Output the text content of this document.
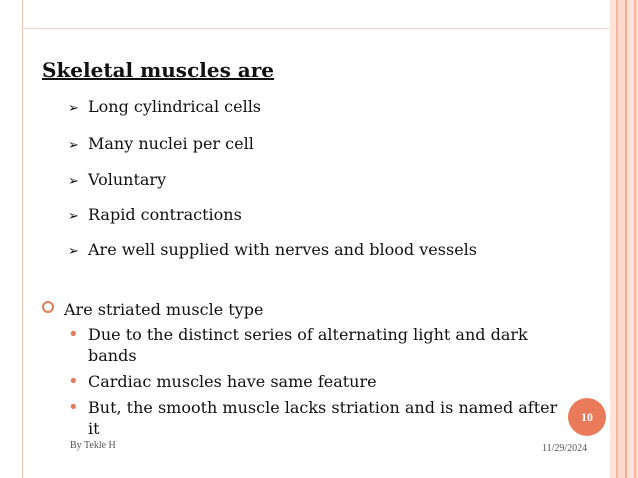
Skeletal muscles are
➢ Long cylindrical cells
➢ Many nuclei per cell
➢ Voluntary
➢ Rapid contractions
➢ Are well supplied with nerves and blood vessels
Are striated muscle type
• Due to the distinct series of alternating light and dark bands
• Cardiac muscles have same feature
• But, the smooth muscle lacks striation and is named after it
By Tekle H	11/29/2024
10
